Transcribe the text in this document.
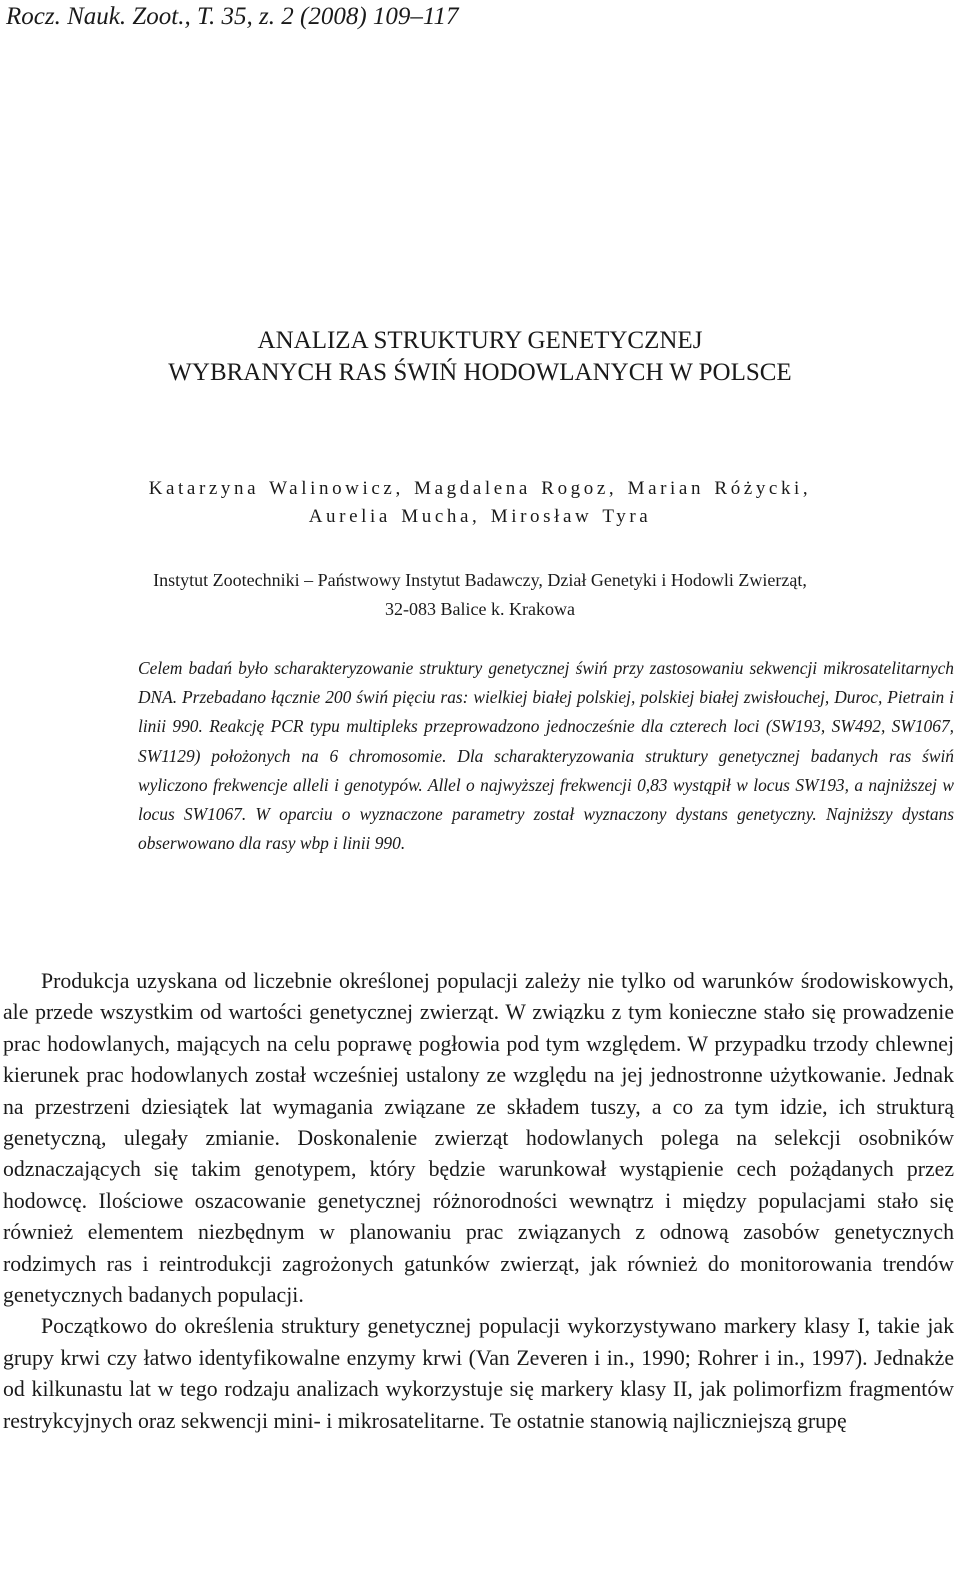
Rocz. Nauk. Zoot., T. 35, z. 2 (2008) 109–117
ANALIZA STRUKTURY GENETYCZNEJ
WYBRANYCH RAS ŚWIŃ HODOWLANYCH W POLSCE
Katarzyna Walinowicz, Magdalena Rogoz, Marian Różycki,
Aurelia Mucha, Mirosław Tyra
Instytut Zootechniki – Państwowy Instytut Badawczy, Dział Genetyki i Hodowli Zwierząt,
32-083 Balice k. Krakowa
Celem badań było scharakteryzowanie struktury genetycznej świń przy zastosowaniu sekwencji mikrosatelitarnych DNA. Przebadano łącznie 200 świń pięciu ras: wielkiej białej polskiej, polskiej białej zwisłouchej, Duroc, Pietrain i linii 990. Reakcję PCR typu multipleks przeprowadzono jednocześnie dla czterech loci (SW193, SW492, SW1067, SW1129) położonych na 6 chromosomie. Dla scharakteryzowania struktury genetycznej badanych ras świń wyliczono frekwencje alleli i genotypów. Allel o najwyższej frekwencji 0,83 wystąpił w locus SW193, a najniższej w locus SW1067. W oparciu o wyznaczone parametry został wyznaczony dystans genetyczny. Najniższy dystans obserwowano dla rasy wbp i linii 990.

Produkcja uzyskana od liczebnie określonej populacji zależy nie tylko od warunków środowiskowych, ale przede wszystkim od wartości genetycznej zwierząt. W związku z tym konieczne stało się prowadzenie prac hodowlanych, mających na celu poprawę pogłowia pod tym względem. W przypadku trzody chlewnej kierunek prac hodowlanych został wcześniej ustalony ze względu na jej jednostronne użytkowanie. Jednak na przestrzeni dziesiątek lat wymagania związane ze składem tuszy, a co za tym idzie, ich strukturą genetyczną, ulegały zmianie. Doskonalenie zwierząt hodowlanych polega na selekcji osobników odznaczających się takim genotypem, który będzie warunkował wystąpienie cech pożądanych przez hodowcę. Ilościowe oszacowanie genetycznej różnorodności wewnątrz i między populacjami stało się również elementem niezbędnym w planowaniu prac związanych z odnową zasobów genetycznych rodzimych ras i reintrodukcji zagrożonych gatunków zwierząt, jak również do monitorowania trendów genetycznych badanych populacji.

Początkowo do określenia struktury genetycznej populacji wykorzystywano markery klasy I, takie jak grupy krwi czy łatwo identyfikowalne enzymy krwi (Van Zeveren i in., 1990; Rohrer i in., 1997). Jednakże od kilkunastu lat w tego rodzaju analizach wykorzystuje się markery klasy II, jak polimorfizm fragmentów restrykcyjnych oraz sekwencji mini- i mikrosatelitarne. Te ostatnie stanowią najliczniejszą grupę
